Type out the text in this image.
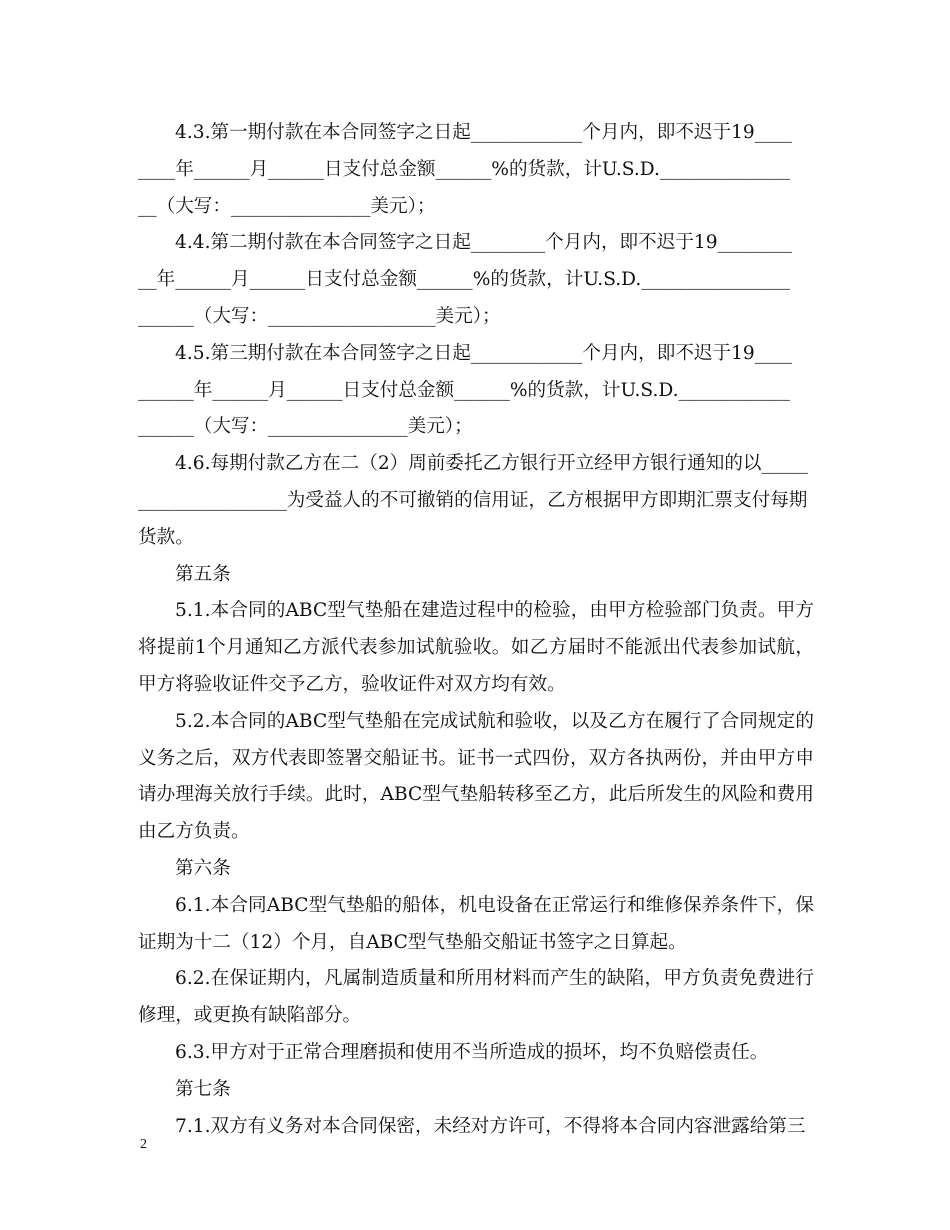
4.3.第一期付款在本合同签字之日起____________个月内，即不迟于19____
____年______月______日支付总金额______%的货款，计U.S.D.______________
__（大写：_______________美元）；
4.4.第二期付款在本合同签字之日起________个月内，即不迟于19________
__年______月______日支付总金额______%的货款，计U.S.D.________________
______（大写：__________________美元）；
4.5.第三期付款在本合同签字之日起____________个月内，即不迟于19____
______年______月______日支付总金额______%的货款，计U.S.D.____________
______（大写：_______________美元）；
4.6.每期付款乙方在二（2）周前委托乙方银行开立经甲方银行通知的以_____
________________为受益人的不可撤销的信用证，乙方根据甲方即期汇票支付每期
货款。

第五条

5.1.本合同的ABC型气垫船在建造过程中的检验，由甲方检验部门负责。甲方将提前1个月通知乙方派代表参加试航验收。如乙方届时不能派出代表参加试航，甲方将验收证件交予乙方，验收证件对双方均有效。

5.2.本合同的ABC型气垫船在完成试航和验收，以及乙方在履行了合同规定的义务之后，双方代表即签署交船证书。证书一式四份，双方各执两份，并由甲方申请办理海关放行手续。此时，ABC型气垫船转移至乙方，此后所发生的风险和费用由乙方负责。

第六条

6.1.本合同ABC型气垫船的船体，机电设备在正常运行和维修保养条件下，保证期为十二（12）个月，自ABC型气垫船交船证书签字之日算起。

6.2.在保证期内，凡属制造质量和所用材料而产生的缺陷，甲方负责免费进行修理，或更换有缺陷部分。

6.3.甲方对于正常合理磨损和使用不当所造成的损坏，均不负赔偿责任。

第七条

7.1.双方有义务对本合同保密，未经对方许可，不得将本合同内容泄露给第三

2
